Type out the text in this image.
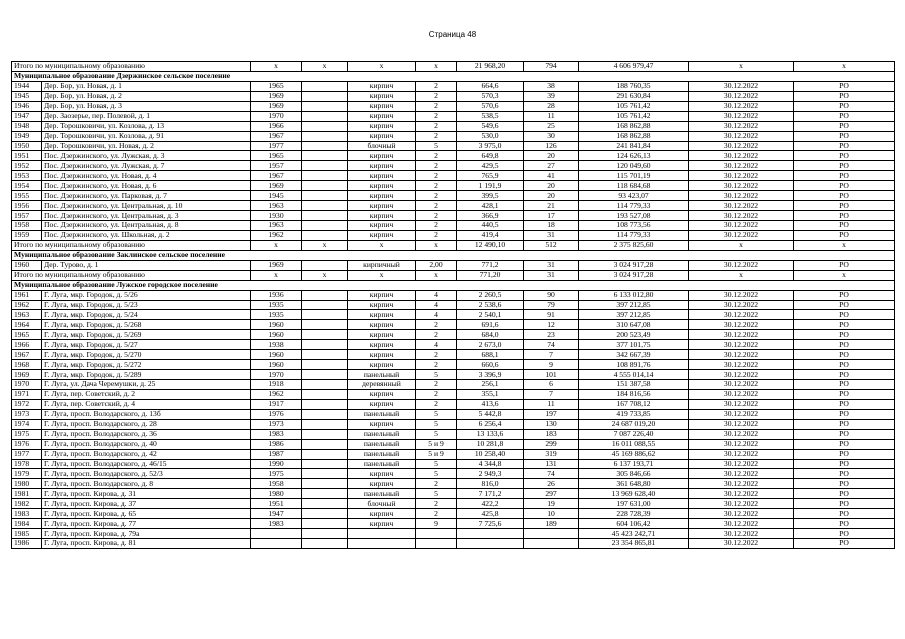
Страница 48
Итого по муниципальному образованию		x	x	x	x	21 968,20	794	4 606 979,47	x	x
Муниципальное образование Дзержинское сельское поселение										
1944	Дер. Бор, ул. Новая, д. 1	1965		кирпич	2	664,6	38	188 760,35	30.12.2022	РО
1945	Дер. Бор, ул. Новая, д. 2	1969		кирпич	2	570,3	39	291 630,84	30.12.2022	РО
1946	Дер. Бор, ул. Новая, д. 3	1969		кирпич	2	570,6	28	105 761,42	30.12.2022	РО
1947	Дер. Заозерье, пер. Полевой, д. 1	1970		кирпич	2	538,5	11	105 761,42	30.12.2022	РО
1948	Дер. Торошковичи, ул. Козлова, д. 13	1966		кирпич	2	549,6	25	168 862,88	30.12.2022	РО
1949	Дер. Торошковичи, ул. Козлова, д. 91	1967		кирпич	2	530,0	30	168 862,88	30.12.2022	РО
1950	Дер. Торошковичи, ул. Новая, д. 2	1977		блочный	5	3 975,0	126	241 841,84	30.12.2022	РО
1951	Пос. Дзержинского, ул. Лужская, д. 3	1965		кирпич	2	649,8	20	124 626,13	30.12.2022	РО
1952	Пос. Дзержинского, ул. Лужская, д. 7	1957		кирпич	2	429,5	27	120 049,60	30.12.2022	РО
1953	Пос. Дзержинского, ул. Новая, д. 4	1967		кирпич	2	765,9	41	115 701,19	30.12.2022	РО
1954	Пос. Дзержинского, ул. Новая, д. 6	1969		кирпич	2	1 191,9	20	118 684,68	30.12.2022	РО
1955	Пос. Дзержинского, ул. Парковая, д. 7	1945		кирпич	2	399,5	20	93 423,07	30.12.2022	РО
1956	Пос. Дзержинского, ул. Центральная, д. 10	1963		кирпич	2	428,1	21	114 779,33	30.12.2022	РО
1957	Пос. Дзержинского, ул. Центральная, д. 3	1930		кирпич	2	366,9	17	193 527,08	30.12.2022	РО
1958	Пос. Дзержинского, ул. Центральная, д. 8	1963		кирпич	2	440,5	18	108 773,56	30.12.2022	РО
1959	Пос. Дзержинского, ул. Школьная, д. 2	1962		кирпич	2	419,4	31	114 779,33	30.12.2022	РО
Итого по муниципальному образованию		x	x	x	x	12 490,10	512	2 375 825,60	x	x
Муниципальное образование Заклинское сельское поселение										
1960	Дер. Турово, д. 1	1969		кирпичный	2,00	771,2	31	3 024 917,28	30.12.2022	РО
Итого по муниципальному образованию		x	x	x	x	771,20	31	3 024 917,28	x	x
Муниципальное образование Лужское городское поселение										
1961	Г. Луга, мкр. Городок, д. 5/26	1936		кирпич	4	2 260,5	90	6 133 012,80	30.12.2022	РО
1962	Г. Луга, мкр. Городок, д. 5/23	1935		кирпич	4	2 538,6	79	397 212,85	30.12.2022	РО
1963	Г. Луга, мкр. Городок, д. 5/24	1935		кирпич	4	2 540,1	91	397 212,85	30.12.2022	РО
1964	Г. Луга, мкр. Городок, д. 5/268	1960		кирпич	2	691,6	12	310 647,08	30.12.2022	РО
1965	Г. Луга, мкр. Городок, д. 5/269	1960		кирпич	2	684,0	23	200 523,49	30.12.2022	РО
1966	Г. Луга, мкр. Городок, д. 5/27	1938		кирпич	4	2 673,0	74	377 101,75	30.12.2022	РО
1967	Г. Луга, мкр. Городок, д. 5/270	1960		кирпич	2	688,1	7	342 667,39	30.12.2022	РО
1968	Г. Луга, мкр. Городок, д. 5/272	1960		кирпич	2	660,6	9	108 891,76	30.12.2022	РО
1969	Г. Луга, мкр. Городок, д. 5/289	1970		панельный	5	3 396,9	101	4 555 014,14	30.12.2022	РО
1970	Г. Луга, ул. Дача Черемушки, д. 25	1918		деревянный	2	256,1	6	151 387,58	30.12.2022	РО
1971	Г. Луга, пер. Советский, д. 2	1962		кирпич	2	355,1	7	184 816,56	30.12.2022	РО
1972	Г. Луга, пер. Советский, д. 4	1917		кирпич	2	413,6	11	167 708,12	30.12.2022	РО
1973	Г. Луга, просп. Володарского, д. 13б	1976		панельный	5	5 442,8	197	419 733,85	30.12.2022	РО
1974	Г. Луга, просп. Володарского, д. 28	1973		кирпич	5	6 256,4	130	24 687 019,20	30.12.2022	РО
1975	Г. Луга, просп. Володарского, д. 36	1983		панельный	5	13 133,6	183	7 087 226,40	30.12.2022	РО
1976	Г. Луга, просп. Володарского, д. 40	1986		панельный	5 и 9	10 281,8	299	16 011 088,55	30.12.2022	РО
1977	Г. Луга, просп. Володарского, д. 42	1987		панельный	5 и 9	10 258,40	319	45 169 886,62	30.12.2022	РО
1978	Г. Луга, просп. Володарского, д. 46/15	1990		панельный	5	4 344,8	131	6 137 193,71	30.12.2022	РО
1979	Г. Луга, просп. Володарского, д. 52/3	1975		кирпич	5	2 949,3	74	305 846,66	30.12.2022	РО
1980	Г. Луга, просп. Володарского, д. 8	1958		кирпич	2	816,0	26	361 648,80	30.12.2022	РО
1981	Г. Луга, просп. Кирова, д. 31	1980		панельный	5	7 171,2	297	13 969 628,40	30.12.2022	РО
1982	Г. Луга, просп. Кирова, д. 37	1951		блочный	2	422,2	19	197 631,00	30.12.2022	РО
1983	Г. Луга, просп. Кирова, д. 65	1947		кирпич	2	425,8	10	228 728,39	30.12.2022	РО
1984	Г. Луга, просп. Кирова, д. 77	1983		кирпич	9	7 725,6	189	604 106,42	30.12.2022	РО
1985	Г. Луга, просп. Кирова, д. 79а							45 423 242,71	30.12.2022	РО
1986	Г. Луга, просп. Кирова, д. 81							23 354 865,81	30.12.2022	РО
